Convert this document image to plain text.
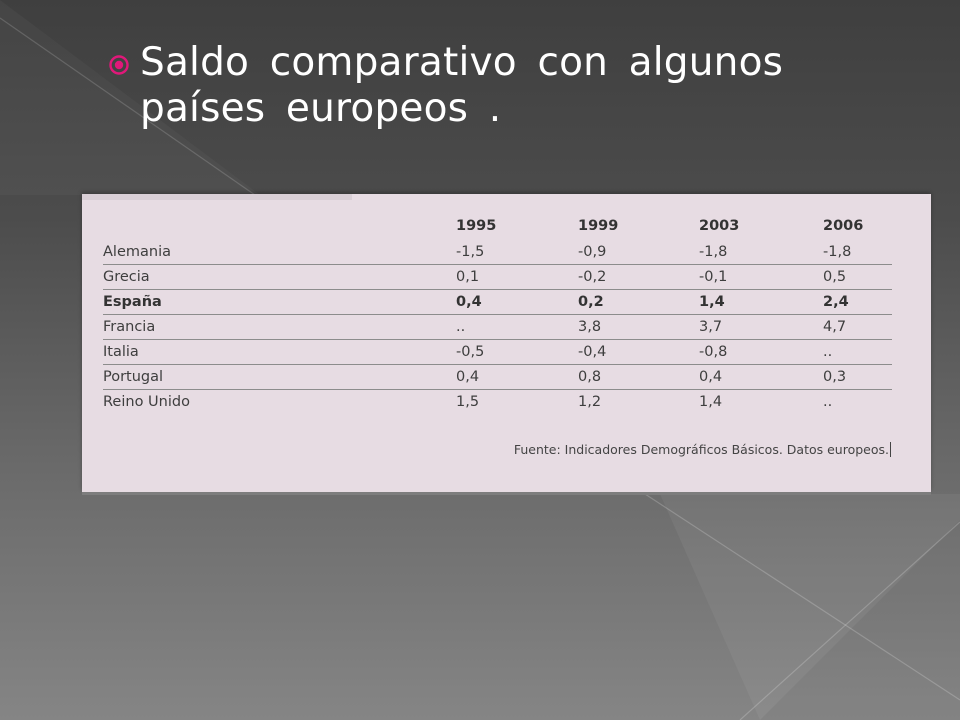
Saldo comparativo con algunos países europeos .
	1995	1999	2003	2006
Alemania	-1,5	-0,9	-1,8	-1,8
Grecia	0,1	-0,2	-0,1	0,5
España	0,4	0,2	1,4	2,4
Francia	..	3,8	3,7	4,7
Italia	-0,5	-0,4	-0,8	..
Portugal	0,4	0,8	0,4	0,3
Reino Unido	1,5	1,2	1,4	..
Fuente: Indicadores Demográficos Básicos. Datos europeos.
